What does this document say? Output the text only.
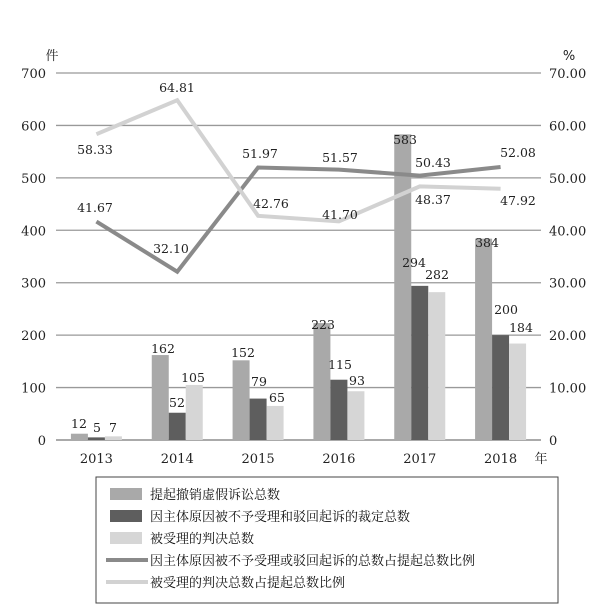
12
162	152
223
583
384
5
52
79
115
294
200
7
105
65
93
282
184
41.67
32.10
51.97	51.57	50.43
52.08
58.33
64.81
42.76
41.70
48.37	47.92
件	%
年
0
100
200
300
400
500
600
700
0
10.00
20.00
30.00
40.00
50.00
60.00
70.00
2013	2014	2015	2016	2017	2018
提起撤销虚假诉讼总数
因主体原因被不予受理和驳回起诉的裁定总数
被受理的判决总数
因主体原因被不予受理或驳回起诉的总数占提起总数比例
被受理的判决总数占提起总数比例
